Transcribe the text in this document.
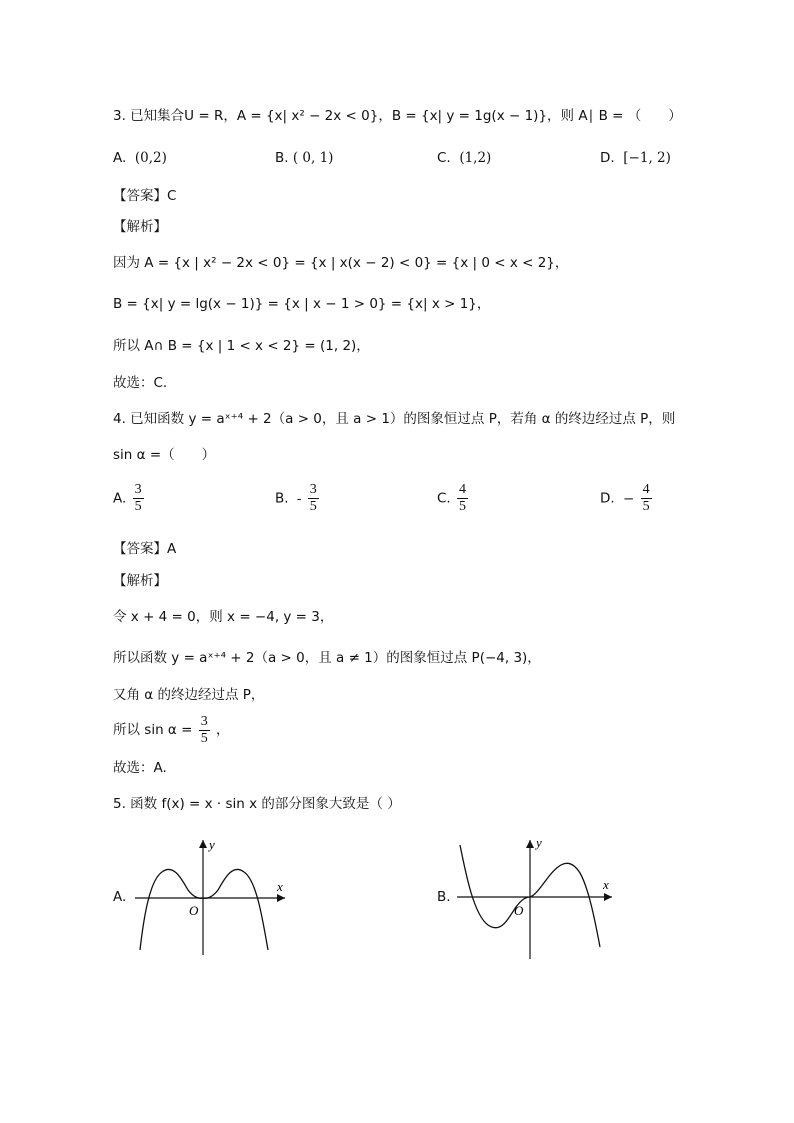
3. 已知集合U = R，A = {x| x² − 2x < 0}，B = {x| y = 1g(x − 1)}，则 A∣ B = （　　）
A. (0,2)	B. ( 0, 1)	C. (1,2)	D. [−1, 2)
【答案】C
【解析】
因为 A = {x | x² − 2x < 0} = {x | x(x − 2) < 0} = {x | 0 < x < 2}，
B = {x| y = lg(x − 1)} = {x | x − 1 > 0} = {x| x > 1}，
所以 A∩ B = {x | 1 < x < 2} = (1, 2)，
故选：C.
4. 已知函数 y = aˣ⁺⁴ + 2（a > 0，且 a > 1）的图象恒过点 P，若角 α 的终边经过点 P，则
sin α =（　　）
A. $\frac{3}{5}$	B. - $\frac{3}{5}$	C. $\frac{4}{5}$	D. − $\frac{4}{5}$
【答案】A
【解析】
令 x + 4 = 0，则 x = −4, y = 3，
所以函数 y = aˣ⁺⁴ + 2（a > 0，且 a ≠ 1）的图象恒过点 P(−4, 3)，
又角 α 的终边经过点 P，
所以 $\sin \alpha = \frac{3}{5}$ ，
故选：A.
5. 函数 f(x) = x · sin x 的部分图象大致是（ ）
A.
x
y
O
B.
x
y
O
